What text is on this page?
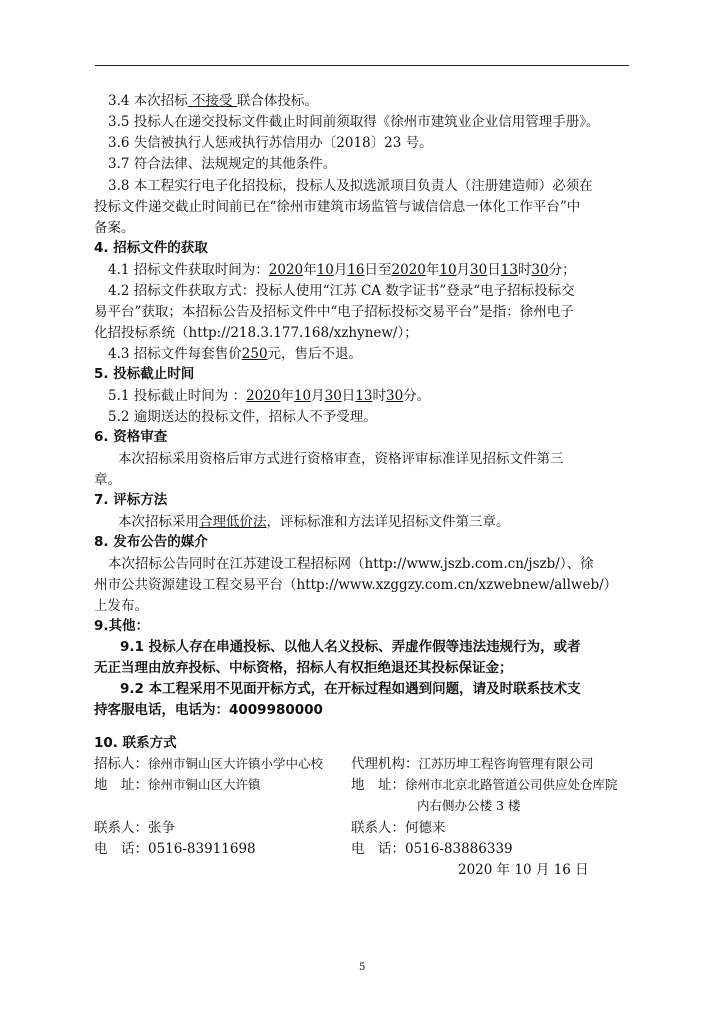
3.4 本次招标 不接受 联合体投标。
3.5 投标人在递交投标文件截止时间前须取得《徐州市建筑业企业信用管理手册》。
3.6 失信被执行人惩戒执行苏信用办〔2018〕23 号。
3.7 符合法律、法规规定的其他条件。
3.8 本工程实行电子化招投标，投标人及拟选派项目负责人（注册建造师）必须在
投标文件递交截止时间前已在“徐州市建筑市场监管与诚信信息一体化工作平台”中
备案。
4. 招标文件的获取
4.1 招标文件获取时间为：2020年10月16日至2020年10月30日13时30分；
4.2 招标文件获取方式：投标人使用“江苏 CA 数字证书”登录“电子招标投标交
易平台”获取；本招标公告及招标文件中“电子招标投标交易平台”是指：徐州电子
化招投标系统（http://218.3.177.168/xzhynew/）；
4.3 招标文件每套售价250元，售后不退。
5. 投标截止时间
5.1 投标截止时间为 ：2020年10月30日13时30分。
5.2 逾期送达的投标文件，招标人不予受理。
6. 资格审查
本次招标采用资格后审方式进行资格审查，资格评审标准详见招标文件第三
章。
7. 评标方法
本次招标采用合理低价法，评标标准和方法详见招标文件第三章。
8. 发布公告的媒介
本次招标公告同时在江苏建设工程招标网（http://www.jszb.com.cn/jszb/）、徐
州市公共资源建设工程交易平台（http://www.xzggzy.com.cn/xzwebnew/allweb/）
上发布。
9.其他：
9.1 投标人存在串通投标、以他人名义投标、弄虚作假等违法违规行为，或者
无正当理由放弃投标、中标资格，招标人有权拒绝退还其投标保证金；
9.2 本工程采用不见面开标方式，在开标过程如遇到问题，请及时联系技术支
持客服电话，电话为：4009980000
10. 联系方式
招标人：徐州市铜山区大许镇小学中心校 代理机构：江苏历坤工程咨询管理有限公司
地　址：徐州市铜山区大许镇	地　址：徐州市北京北路管道公司供应处仓库院
内右侧办公楼 3 楼
联系人：张争	联系人：何德来
电　话：0516-83911698	电　话：0516-83886339
2020 年 10 月 16 日
5
